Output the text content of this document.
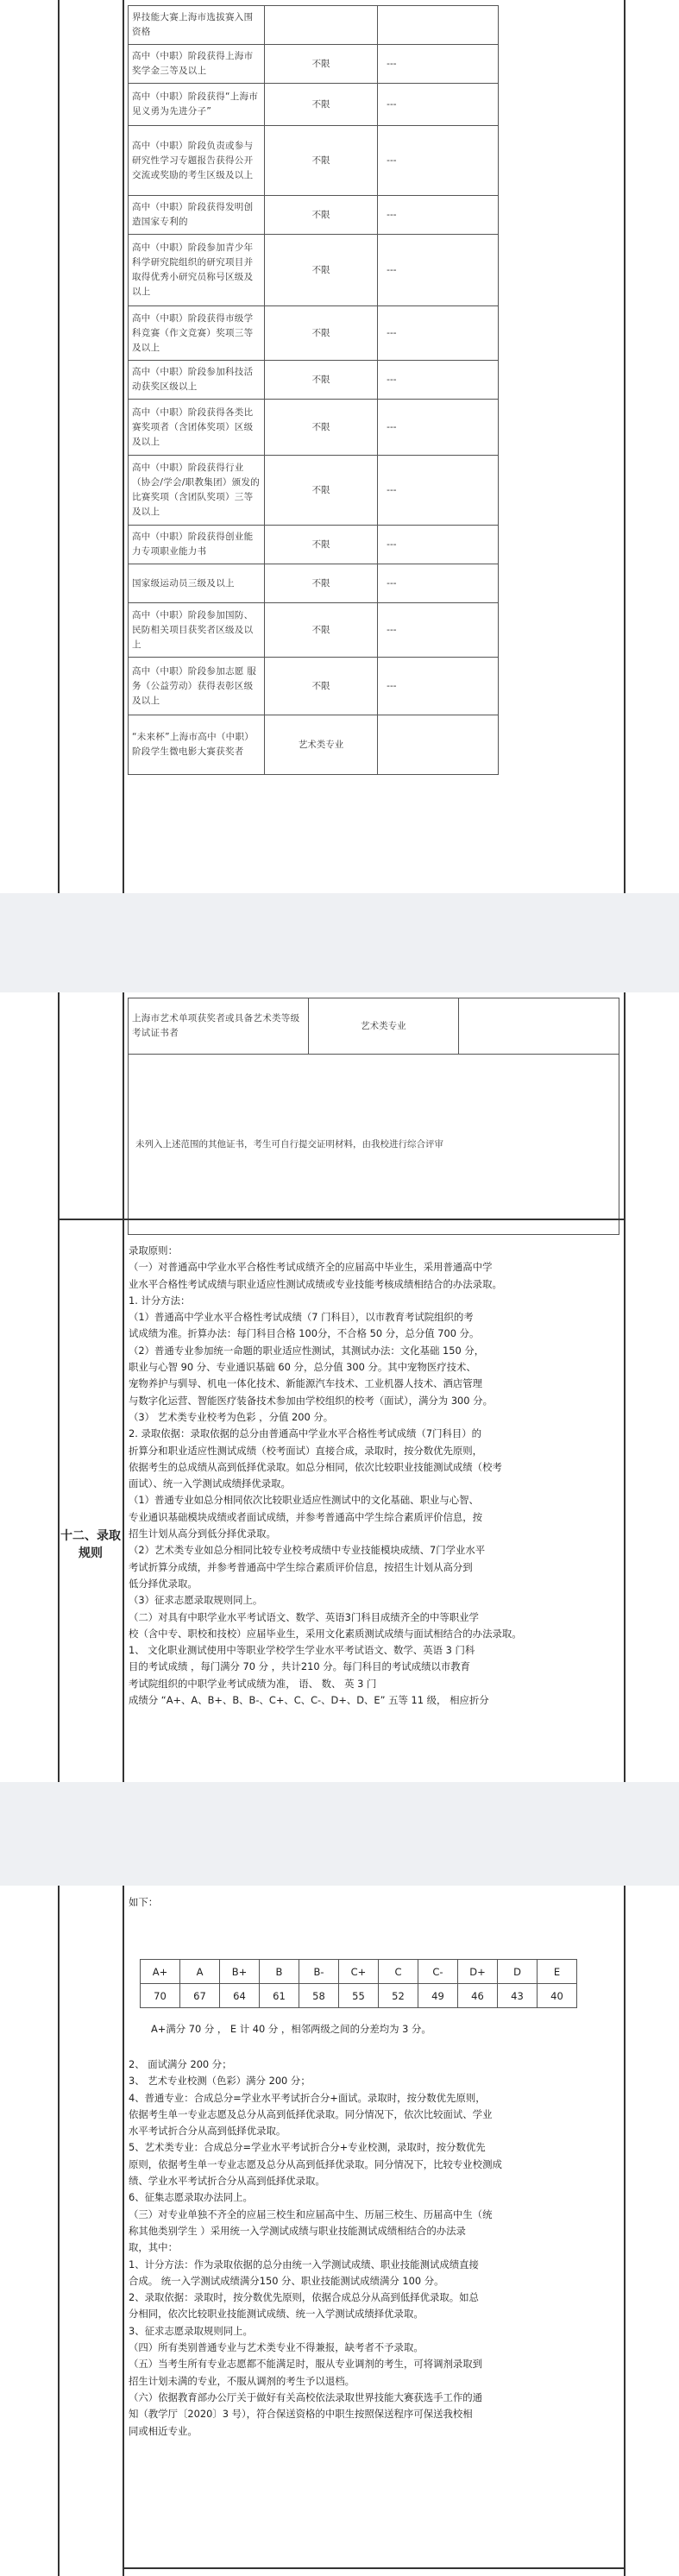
界技能大赛上海市选拔赛入围资格		
高中（中职）阶段获得上海市奖学金三等及以上	不限	---
高中（中职）阶段获得“上海市见义勇为先进分子”	不限	---
高中（中职）阶段负责或参与研究性学习专题报告获得公开交流或奖励的考生区级及以上	不限	---
高中（中职）阶段获得发明创造国家专利的	不限	---
高中（中职）阶段参加青少年科学研究院组织的研究项目并取得优秀小研究员称号区级及以上	不限	---
高中（中职）阶段获得市级学科竞赛（作文竞赛）奖项三等及以上	不限	---
高中（中职）阶段参加科技活动获奖区级以上	不限	---
高中（中职）阶段获得各类比赛奖项者（含团体奖项）区级及以上	不限	---
高中（中职）阶段获得行业（协会/学会/职教集团）颁发的比赛奖项（含团队奖项）三等及以上	不限	---
高中（中职）阶段获得创业能力专项职业能力书	不限	---
国家级运动员三级及以上	不限	---
高中（中职）阶段参加国防、民防相关项目获奖者区级及以上	不限	---
高中（中职）阶段参加志愿 服务（公益劳动）获得表彰区级及以上	不限	---
“未来杯”上海市高中（中职）阶段学生微电影大赛获奖者	艺术类专业	
上海市艺术单项获奖者或具备艺术类等级考试证书者	艺术类专业	
未列入上述范围的其他证书，考生可自行提交证明材料，由我校进行综合评审
十二、录取规则

录取原则：

（一）对普通高中学业水平合格性考试成绩齐全的应届高中毕业生，采用普通高中学

业水平合格性考试成绩与职业适应性测试成绩或专业技能考核成绩相结合的办法录取。

1. 计分方法：

（1）普通高中学业水平合格性考试成绩（7 门科目），以市教育考试院组织的考

试成绩为准。折算办法：每门科目合格 100分，不合格 50 分，总分值 700 分。

（2）普通专业参加统一命题的职业适应性测试，其测试办法：文化基础 150 分，

职业与心智 90 分、专业通识基础 60 分，总分值 300 分。其中宠物医疗技术、

宠物养护与驯导、机电一体化技术、新能源汽车技术、工业机器人技术、酒店管理

与数字化运营、智能医疗装备技术参加由学校组织的校考（面试），满分为 300 分。

（3） 艺术类专业校考为色彩 ，分值 200 分。

2. 录取依据：录取依据的总分由普通高中学业水平合格性考试成绩（7门科目）的

折算分和职业适应性测试成绩（校考面试）直接合成，录取时，按分数优先原则，

依据考生的总成绩从高到低择优录取。如总分相同，依次比较职业技能测试成绩（校考

面试）、统一入学测试成绩择优录取。

（1）普通专业如总分相同依次比较职业适应性测试中的文化基础、职业与心智、

专业通识基础模块成绩或者面试成绩，并参考普通高中学生综合素质评价信息，按

招生计划从高分到低分择优录取。

（2）艺术类专业如总分相同比较专业校考成绩中专业技能模块成绩、7门学业水平

考试折算分成绩，并参考普通高中学生综合素质评价信息，按招生计划从高分到

低分择优录取。

（3）征求志愿录取规则同上。

（二）对具有中职学业水平考试语文、数学、英语3门科目成绩齐全的中等职业学

校（含中专、职校和技校）应届毕业生，采用文化素质测试成绩与面试相结合的办法录取。

1、 文化职业测试使用中等职业学校学生学业水平考试语文、数学、英语 3 门科

目的考试成绩 ，每门满分 70 分 ，共计210 分。每门科目的考试成绩以市教育

考试院组织的中职学业考试成绩为准， 语、 数、 英 3 门

成绩分 “A+、A、B+、B、B-、C+、C、C-、D+、D、E” 五等 11 级， 相应折分

如下：

A+	A	B+	B	B-	C+	C	C-	D+	D	E
70	67	64	61	58	55	52	49	46	43	40

A+满分 70 分 ， E 计 40 分 ，相邻两级之间的分差均为 3 分。

2、 面试满分 200 分；

3、 艺术专业校测（色彩）满分 200 分；

4、普通专业：合成总分=学业水平考试折合分+面试。录取时，按分数优先原则，

依据考生单一专业志愿及总分从高到低择优录取。同分情况下，依次比较面试、学业

水平考试折合分从高到低择优录取。

5、艺术类专业：合成总分=学业水平考试折合分+专业校测，录取时，按分数优先

原则，依据考生单一专业志愿及总分从高到低择优录取。同分情况下，比较专业校测成

绩、学业水平考试折合分从高到低择优录取。

6、征集志愿录取办法同上。

（三）对专业单独不齐全的应届三校生和应届高中生、历届三校生、历届高中生（统

称其他类别学生 ）采用统一入学测试成绩与职业技能测试成绩相结合的办法录

取，其中：

1、计分方法：作为录取依据的总分由统一入学测试成绩、职业技能测试成绩直接

合成。 统一入学测试成绩满分150 分、职业技能测试成绩满分 100 分。

2、录取依据：录取时，按分数优先原则，依据合成总分从高到低择优录取。如总

分相同，依次比较职业技能测试成绩、统一入学测试成绩择优录取。

3、征求志愿录取规则同上。

（四）所有类别普通专业与艺术类专业不得兼报，缺考者不予录取。

（五）当考生所有专业志愿都不能满足时，服从专业调剂的考生，可将调剂录取到

招生计划未满的专业，不服从调剂的考生予以退档。

（六）依据教育部办公厅关于做好有关高校依法录取世界技能大赛获选手工作的通

知（教学厅〔2020〕3 号），符合保送资格的中职生按照保送程序可保送我校相

同或相近专业。
